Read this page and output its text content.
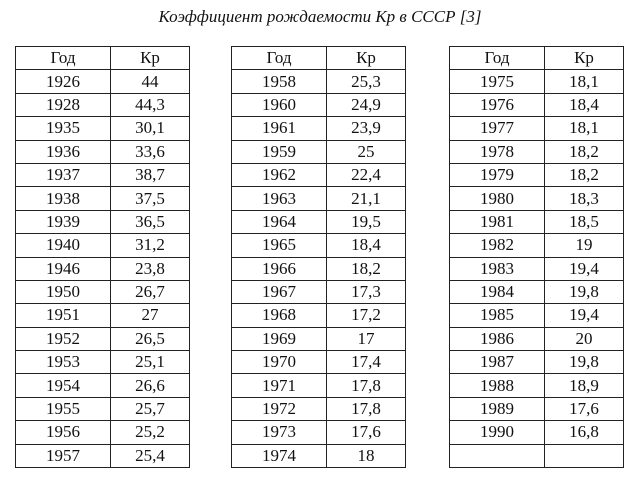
Коэффициент рождаемости Кр в СССР [3]
Год	Кр
1926	44
1928	44,3
1935	30,1
1936	33,6
1937	38,7
1938	37,5
1939	36,5
1940	31,2
1946	23,8
1950	26,7
1951	27
1952	26,5
1953	25,1
1954	26,6
1955	25,7
1956	25,2
1957	25,4
Год	Кр
1958	25,3
1960	24,9
1961	23,9
1959	25
1962	22,4
1963	21,1
1964	19,5
1965	18,4
1966	18,2
1967	17,3
1968	17,2
1969	17
1970	17,4
1971	17,8
1972	17,8
1973	17,6
1974	18
Год	Кр
1975	18,1
1976	18,4
1977	18,1
1978	18,2
1979	18,2
1980	18,3
1981	18,5
1982	19
1983	19,4
1984	19,8
1985	19,4
1986	20
1987	19,8
1988	18,9
1989	17,6
1990	16,8
